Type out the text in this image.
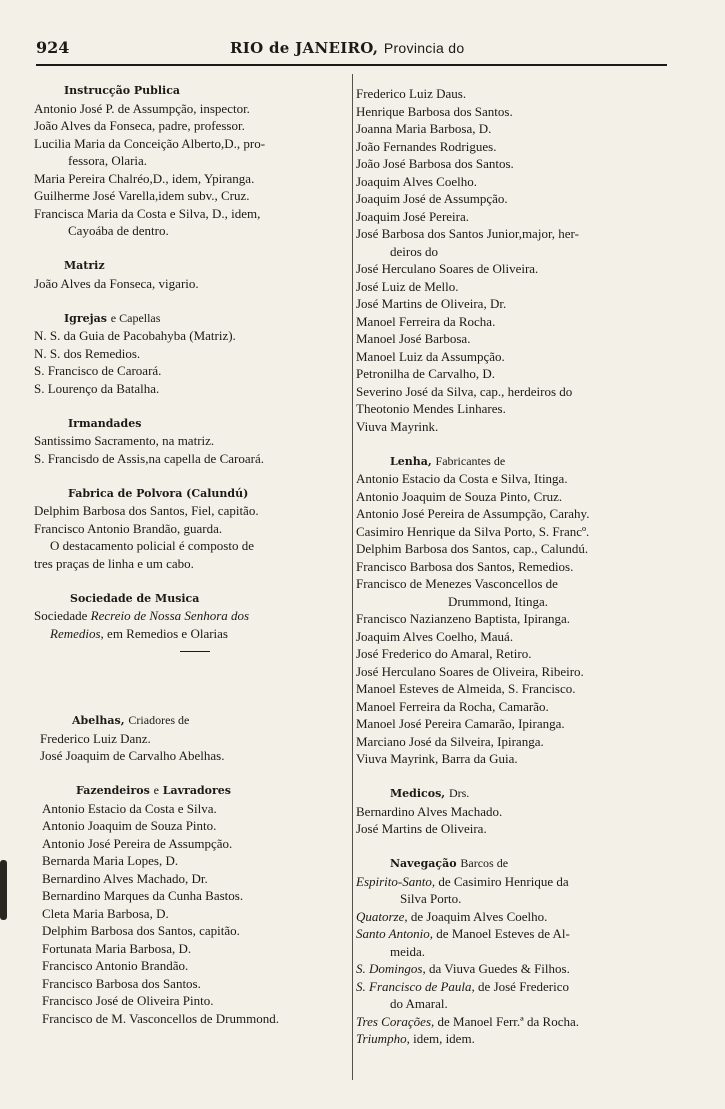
924	RIO de JANEIRO, Provincia do
Instrucção Publica
Antonio José P. de Assumpção, inspector.
João Alves da Fonseca, padre, professor.
Lucilia Maria da Conceição Alberto,D., pro-
fessora, Olaria.
Maria Pereira Chalréo,D., idem, Ypiranga.
Guilherme José Varella,idem subv., Cruz.
Francisca Maria da Costa e Silva, D., idem,
Cayoába de dentro.
Matriz
João Alves da Fonseca, vigario.
Igrejas e Capellas
N. S. da Guia de Pacobahyba (Matriz).
N. S. dos Remedios.
S. Francisco de Caroará.
S. Lourenço da Batalha.
Irmandades
Santissimo Sacramento, na matriz.
S. Francisdo de Assis,na capella de Caroará.
Fabrica de Polvora (Calundú)
Delphim Barbosa dos Santos, Fiel, capitão.
Francisco Antonio Brandão, guarda.
O destacamento policial é composto de
tres praças de linha e um cabo.
Sociedade de Musica
Sociedade Recreio de Nossa Senhora dos
Remedios, em Remedios e Olarias
Abelhas, Criadores de
Frederico Luiz Danz.
José Joaquim de Carvalho Abelhas.
Fazendeiros e Lavradores
Antonio Estacio da Costa e Silva.
Antonio Joaquim de Souza Pinto.
Antonio José Pereira de Assumpção.
Bernarda Maria Lopes, D.
Bernardino Alves Machado, Dr.
Bernardino Marques da Cunha Bastos.
Cleta Maria Barbosa, D.
Delphim Barbosa dos Santos, capitão.
Fortunata Maria Barbosa, D.
Francisco Antonio Brandão.
Francisco Barbosa dos Santos.
Francisco José de Oliveira Pinto.
Francisco de M. Vasconcellos de Drummond.
Frederico Luiz Daus.
Henrique Barbosa dos Santos.
Joanna Maria Barbosa, D.
João Fernandes Rodrigues.
João José Barbosa dos Santos.
Joaquim Alves Coelho.
Joaquim José de Assumpção.
Joaquim José Pereira.
José Barbosa dos Santos Junior,major, her-
deiros do
José Herculano Soares de Oliveira.
José Luiz de Mello.
José Martins de Oliveira, Dr.
Manoel Ferreira da Rocha.
Manoel José Barbosa.
Manoel Luiz da Assumpção.
Petronilha de Carvalho, D.
Severino José da Silva, cap., herdeiros do
Theotonio Mendes Linhares.
Viuva Mayrink.
Lenha, Fabricantes de
Antonio Estacio da Costa e Silva, Itinga.
Antonio Joaquim de Souza Pinto, Cruz.
Antonio José Pereira de Assumpção, Carahy.
Casimiro Henrique da Silva Porto, S. Francº.
Delphim Barbosa dos Santos, cap., Calundú.
Francisco Barbosa dos Santos, Remedios.
Francisco de Menezes Vasconcellos de
Drummond, Itinga.
Francisco Nazianzeno Baptista, Ipiranga.
Joaquim Alves Coelho, Mauá.
José Frederico do Amaral, Retiro.
José Herculano Soares de Oliveira, Ribeiro.
Manoel Esteves de Almeida, S. Francisco.
Manoel Ferreira da Rocha, Camarão.
Manoel José Pereira Camarão, Ipiranga.
Marciano José da Silveira, Ipiranga.
Viuva Mayrink, Barra da Guia.
Medicos, Drs.
Bernardino Alves Machado.
José Martins de Oliveira.
Navegação Barcos de
Espirito-Santo, de Casimiro Henrique da
Silva Porto.
Quatorze, de Joaquim Alves Coelho.
Santo Antonio, de Manoel Esteves de Al-
meida.
S. Domingos, da Viuva Guedes & Filhos.
S. Francisco de Paula, de José Frederico
do Amaral.
Tres Corações, de Manoel Ferr.ª da Rocha.
Triumpho, idem, idem.
